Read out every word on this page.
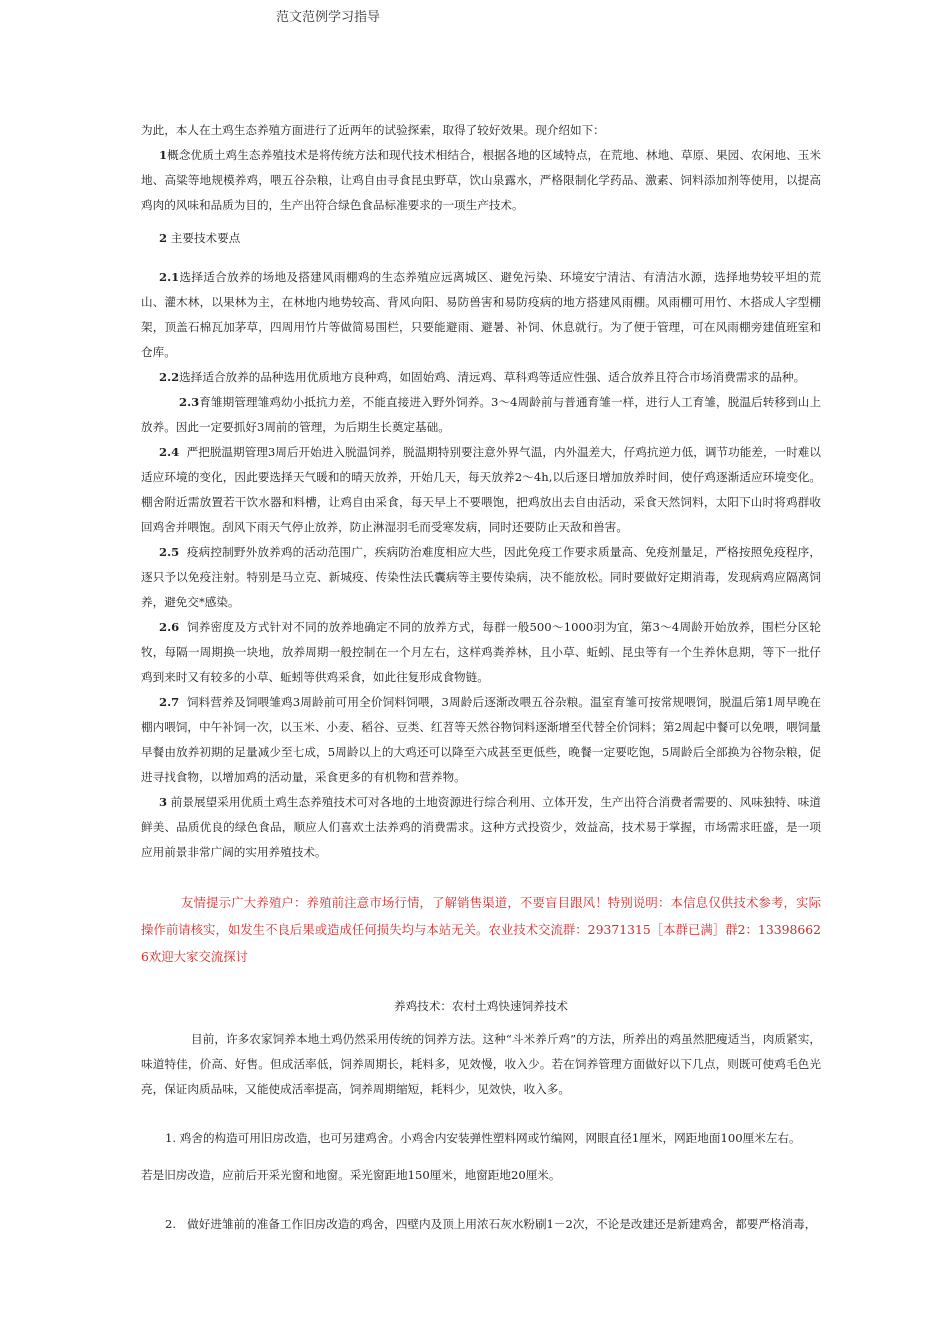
范文范例学习指导

为此，本人在土鸡生态养殖方面进行了近两年的试验探索，取得了较好效果。现介绍如下：

1概念优质土鸡生态养殖技术是将传统方法和现代技术相结合，根据各地的区域特点，在荒地、林地、草原、果园、农闲地、玉米地、高粱等地规模养鸡，喂五谷杂粮，让鸡自由寻食昆虫野草，饮山泉露水，严格限制化学药品、激素、饲料添加剂等使用，以提高鸡肉的风味和品质为目的，生产出符合绿色食品标准要求的一项生产技术。

2 主要技术要点

2.1选择适合放养的场地及搭建风雨棚鸡的生态养殖应远离城区、避免污染、环境安宁清洁、有清洁水源，选择地势较平坦的荒山、灌木林，以果林为主，在林地内地势较高、背风向阳、易防兽害和易防疫病的地方搭建风雨棚。风雨棚可用竹、木搭成人字型棚架，顶盖石棉瓦加茅草，四周用竹片等做简易围栏，只要能避雨、避暑、补饲、休息就行。为了便于管理，可在风雨棚旁建值班室和仓库。

2.2选择适合放养的品种选用优质地方良种鸡，如固始鸡、清远鸡、草科鸡等适应性强、适合放养且符合市场消费需求的品种。

2.3育雏期管理雏鸡幼小抵抗力差，不能直接进入野外饲养。3～4周龄前与普通育雏一样，进行人工育雏，脱温后转移到山上放养。因此一定要抓好3周前的管理，为后期生长奠定基础。

2.4 严把脱温期管理3周后开始进入脱温饲养，脱温期特别要注意外界气温，内外温差大，仔鸡抗逆力低，调节功能差，一时难以适应环境的变化，因此要选择天气暖和的晴天放养，开始几天，每天放养2～4h,以后逐日增加放养时间，使仔鸡逐渐适应环境变化。棚舍附近需放置若干饮水器和料槽，让鸡自由采食，每天早上不要喂饱，把鸡放出去自由活动，采食天然饲料，太阳下山时将鸡群收回鸡舍并喂饱。刮风下雨天气停止放养，防止淋湿羽毛而受寒发病，同时还要防止天敌和兽害。

2.5 疫病控制野外放养鸡的活动范围广，疾病防治难度相应大些，因此免疫工作要求质量高、免疫剂量足，严格按照免疫程序，逐只予以免疫注射。特别是马立克、新城疫、传染性法氏囊病等主要传染病，决不能放松。同时要做好定期消毒，发现病鸡应隔离饲养，避免交*感染。

2.6 饲养密度及方式针对不同的放养地确定不同的放养方式，每群一般500～1000羽为宜，第3～4周龄开始放养，围栏分区轮牧，每隔一周期换一块地，放养周期一般控制在一个月左右，这样鸡粪养林，且小草、蚯蚓、昆虫等有一个生养休息期，等下一批仔鸡到来时又有较多的小草、蚯蚓等供鸡采食，如此往复形成食物链。

2.7 饲料营养及饲喂雏鸡3周龄前可用全价饲料饲喂，3周龄后逐渐改喂五谷杂粮。温室育雏可按常规喂饲，脱温后第1周早晚在棚内喂饲，中午补饲一次，以玉米、小麦、稻谷、豆类、红苕等天然谷物饲料逐渐增至代替全价饲料；第2周起中餐可以免喂，喂饲量早餐由放养初期的足量减少至七成，5周龄以上的大鸡还可以降至六成甚至更低些，晚餐一定要吃饱，5周龄后全部换为谷物杂粮，促进寻找食物，以增加鸡的活动量，采食更多的有机物和营养物。

3 前景展望采用优质土鸡生态养殖技术可对各地的土地资源进行综合利用、立体开发，生产出符合消费者需要的、风味独特、味道鲜美、品质优良的绿色食品，顺应人们喜欢土法养鸡的消费需求。这种方式投资少，效益高，技术易于掌握，市场需求旺盛，是一项应用前景非常广阔的实用养殖技术。

友情提示广大养殖户：养殖前注意市场行情，了解销售渠道，不要盲目跟风！特别说明：本信息仅供技术参考，实际操作前请核实，如发生不良后果或造成任何损失均与本站无关。农业技术交流群：29371315［本群已满］群2：133986626欢迎大家交流探讨

养鸡技术：农村土鸡快速饲养技术

目前，许多农家饲养本地土鸡仍然采用传统的饲养方法。这种“斗米养斤鸡”的方法，所养出的鸡虽然肥瘦适当，肉质紧实，味道特佳，价高、好售。但成活率低，饲养周期长，耗料多，见效慢，收入少。若在饲养管理方面做好以下几点，则既可使鸡毛色光亮，保证肉质品味，又能使成活率提高，饲养周期缩短，耗料少，见效快，收入多。

1. 鸡舍的构造可用旧房改造，也可另建鸡舍。小鸡舍内安装弹性塑料网或竹编网，网眼直径1厘米，网距地面100厘米左右。

若是旧房改造，应前后开采光窗和地窗。采光窗距地150厘米，地窗距地20厘米。

2. 做好进雏前的准备工作旧房改造的鸡舍，四壁内及顶上用浓石灰水粉刷1－2次，不论是改建还是新建鸡舍，都要严格消毒，
